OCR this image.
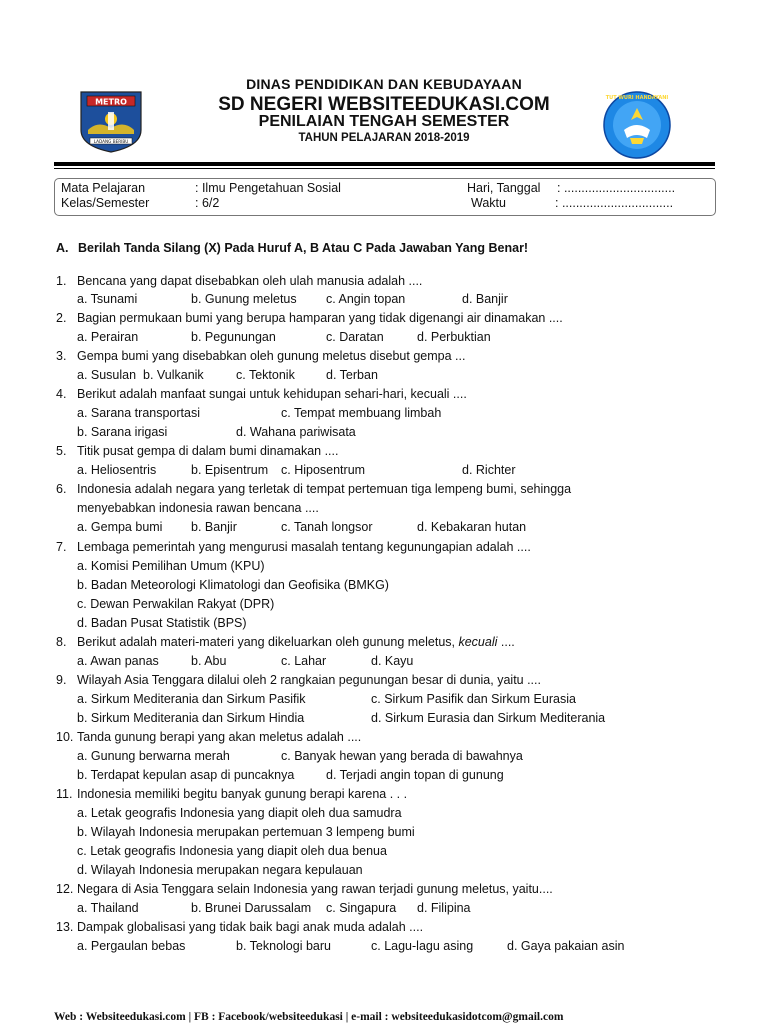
METRO
LADANG BERIBU
TUT WURI HANDAYANI
DINAS PENDIDIKAN DAN KEBUDAYAAN
SD NEGERI WEBSITEEDUKASI.COM
PENILAIAN TENGAH SEMESTER
TAHUN PELAJARAN 2018-2019
Mata Pelajaran	: Ilmu Pengetahuan Sosial
Kelas/Semester	: 6/2
Hari, Tanggal : ................................
Waktu	: ................................
A. Berilah Tanda Silang (X) Pada Huruf A, B Atau C Pada Jawaban Yang Benar!
1. Bencana yang dapat disebabkan oleh ulah manusia adalah ....
a. Tsunami	b. Gunung meletus c. Angin topan	d. Banjir
2. Bagian permukaan bumi yang berupa hamparan yang tidak digenangi air dinamakan ....
a. Perairan	b. Pegunungan	c. Daratan	d. Perbuktian
3. Gempa bumi yang disebabkan oleh gunung meletus disebut gempa ...
a. Susulan b. Vulkanik	c. Tektonik d. Terban
4. Berikut adalah manfaat sungai untuk kehidupan sehari-hari, kecuali ....
a. Sarana transportasi	c. Tempat membuang limbah
b. Sarana irigasi	d. Wahana pariwisata
5. Titik pusat gempa di dalam bumi dinamakan ....
a. Heliosentris	b. Episentrum c. Hiposentrum	d. Richter
6. Indonesia adalah negara yang terletak di tempat pertemuan tiga lempeng bumi, sehingga
menyebabkan indonesia rawan bencana ....
a. Gempa bumi b. Banjir	c. Tanah longsor	d. Kebakaran hutan
7. Lembaga pemerintah yang mengurusi masalah tentang kegunungapian adalah ....
a. Komisi Pemilihan Umum (KPU)
b. Badan Meteorologi Klimatologi dan Geofisika (BMKG)
c. Dewan Perwakilan Rakyat (DPR)
d. Badan Pusat Statistik (BPS)
8. Berikut adalah materi-materi yang dikeluarkan oleh gunung meletus, kecuali ....
a. Awan panas	b. Abu	c. Lahar	d. Kayu
9. Wilayah Asia Tenggara dilalui oleh 2 rangkaian pegunungan besar di dunia, yaitu ....
a. Sirkum Mediterania dan Sirkum Pasifik	c. Sirkum Pasifik dan Sirkum Eurasia
b. Sirkum Mediterania dan Sirkum Hindia	d. Sirkum Eurasia dan Sirkum Mediterania
10. Tanda gunung berapi yang akan meletus adalah ....
a. Gunung berwarna merah	c. Banyak hewan yang berada di bawahnya
b. Terdapat kepulan asap di puncaknya	d. Terjadi angin topan di gunung
11. Indonesia memiliki begitu banyak gunung berapi karena . . .
a. Letak geografis Indonesia yang diapit oleh dua samudra
b. Wilayah Indonesia merupakan pertemuan 3 lempeng bumi
c. Letak geografis Indonesia yang diapit oleh dua benua
d. Wilayah Indonesia merupakan negara kepulauan
12. Negara di Asia Tenggara selain Indonesia yang rawan terjadi gunung meletus, yaitu....
a. Thailand	b. Brunei Darussalam c. Singapura d. Filipina
13. Dampak globalisasi yang tidak baik bagi anak muda adalah ....
a. Pergaulan bebas	b. Teknologi baru	c. Lagu-lagu asing	d. Gaya pakaian asin
Web : Websiteedukasi.com | FB : Facebook/websiteedukasi | e-mail : websiteedukasidotcom@gmail.com
